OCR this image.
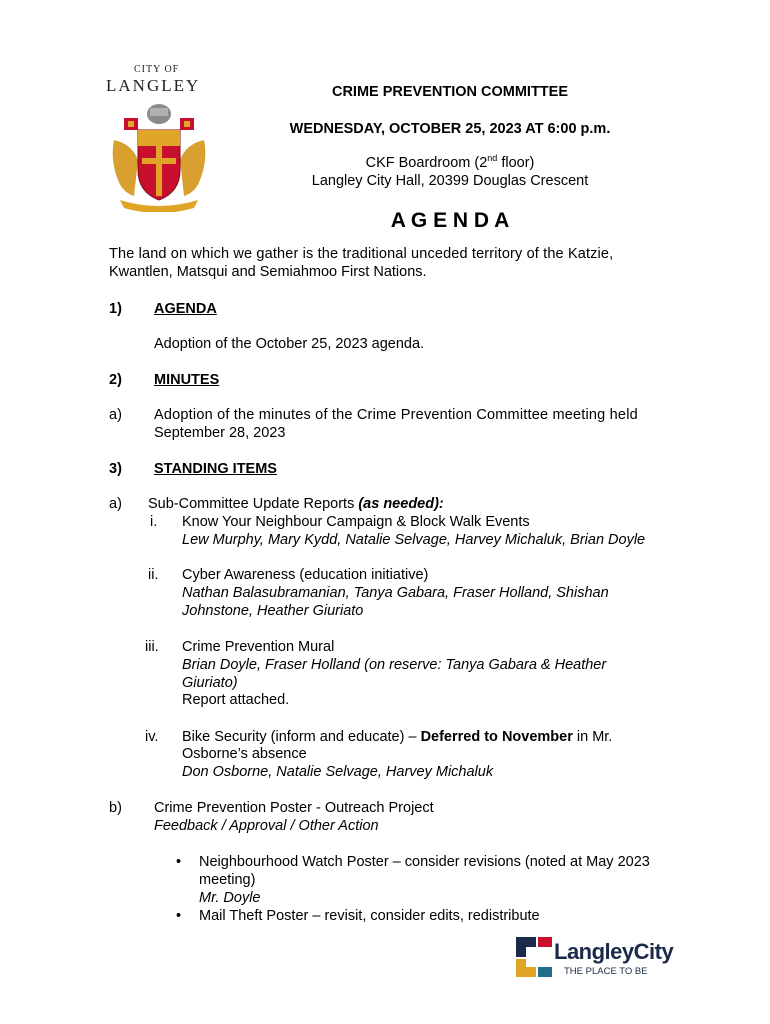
CITY OF
LANGLEY	CRIME PREVENTION COMMITTEE
WEDNESDAY, OCTOBER 25, 2023 AT 6:00 p.m.
CKF Boardroom (2nd floor)
Langley City Hall, 20399 Douglas Crescent
A G E N D A
The land on which we gather is the traditional unceded territory of the Katzie,
Kwantlen, Matsqui and Semiahmoo First Nations.
1) AGENDA
Adoption of the October 25, 2023 agenda.
2) MINUTES
a) Adoption of the minutes of the Crime Prevention Committee meeting held
September 28, 2023
3) STANDING ITEMS
a) Sub-Committee Update Reports (as needed):
i. Know Your Neighbour Campaign & Block Walk Events
Lew Murphy, Mary Kydd, Natalie Selvage, Harvey Michaluk, Brian Doyle
ii. Cyber Awareness (education initiative)
Nathan Balasubramanian, Tanya Gabara, Fraser Holland, Shishan
Johnstone, Heather Giuriato
iii. Crime Prevention Mural
Brian Doyle, Fraser Holland (on reserve: Tanya Gabara & Heather
Giuriato)
Report attached.
iv. Bike Security (inform and educate) – Deferred to November in Mr.
Osborne’s absence
Don Osborne, Natalie Selvage, Harvey Michaluk
b) Crime Prevention Poster - Outreach Project
Feedback / Approval / Other Action
• Neighbourhood Watch Poster – consider revisions (noted at May 2023
meeting)
Mr. Doyle
• Mail Theft Poster – revisit, consider edits, redistribute
LangleyCity
THE PLACE TO BE
